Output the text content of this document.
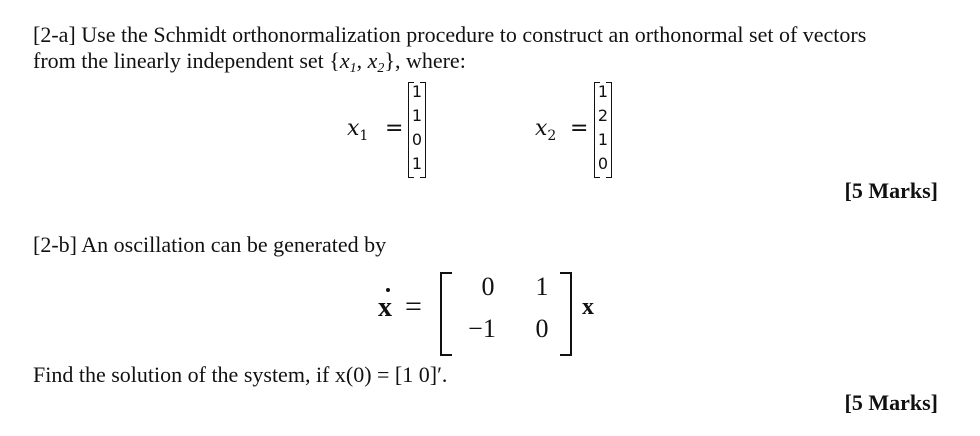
[2-a] Use the Schmidt orthonormalization procedure to construct an orthonormal set of vectors
from the linearly independent set {$x_1$, $x_2$}, where:
$x_1$ =
1
1
0
1
$x_2$ =
1
2
1
0
[5 Marks]
[2-b] An oscillation can be generated by
x =
0	1
−1	0
x
Find the solution of the system, if x(0) = [1 0]′.
[5 Marks]
